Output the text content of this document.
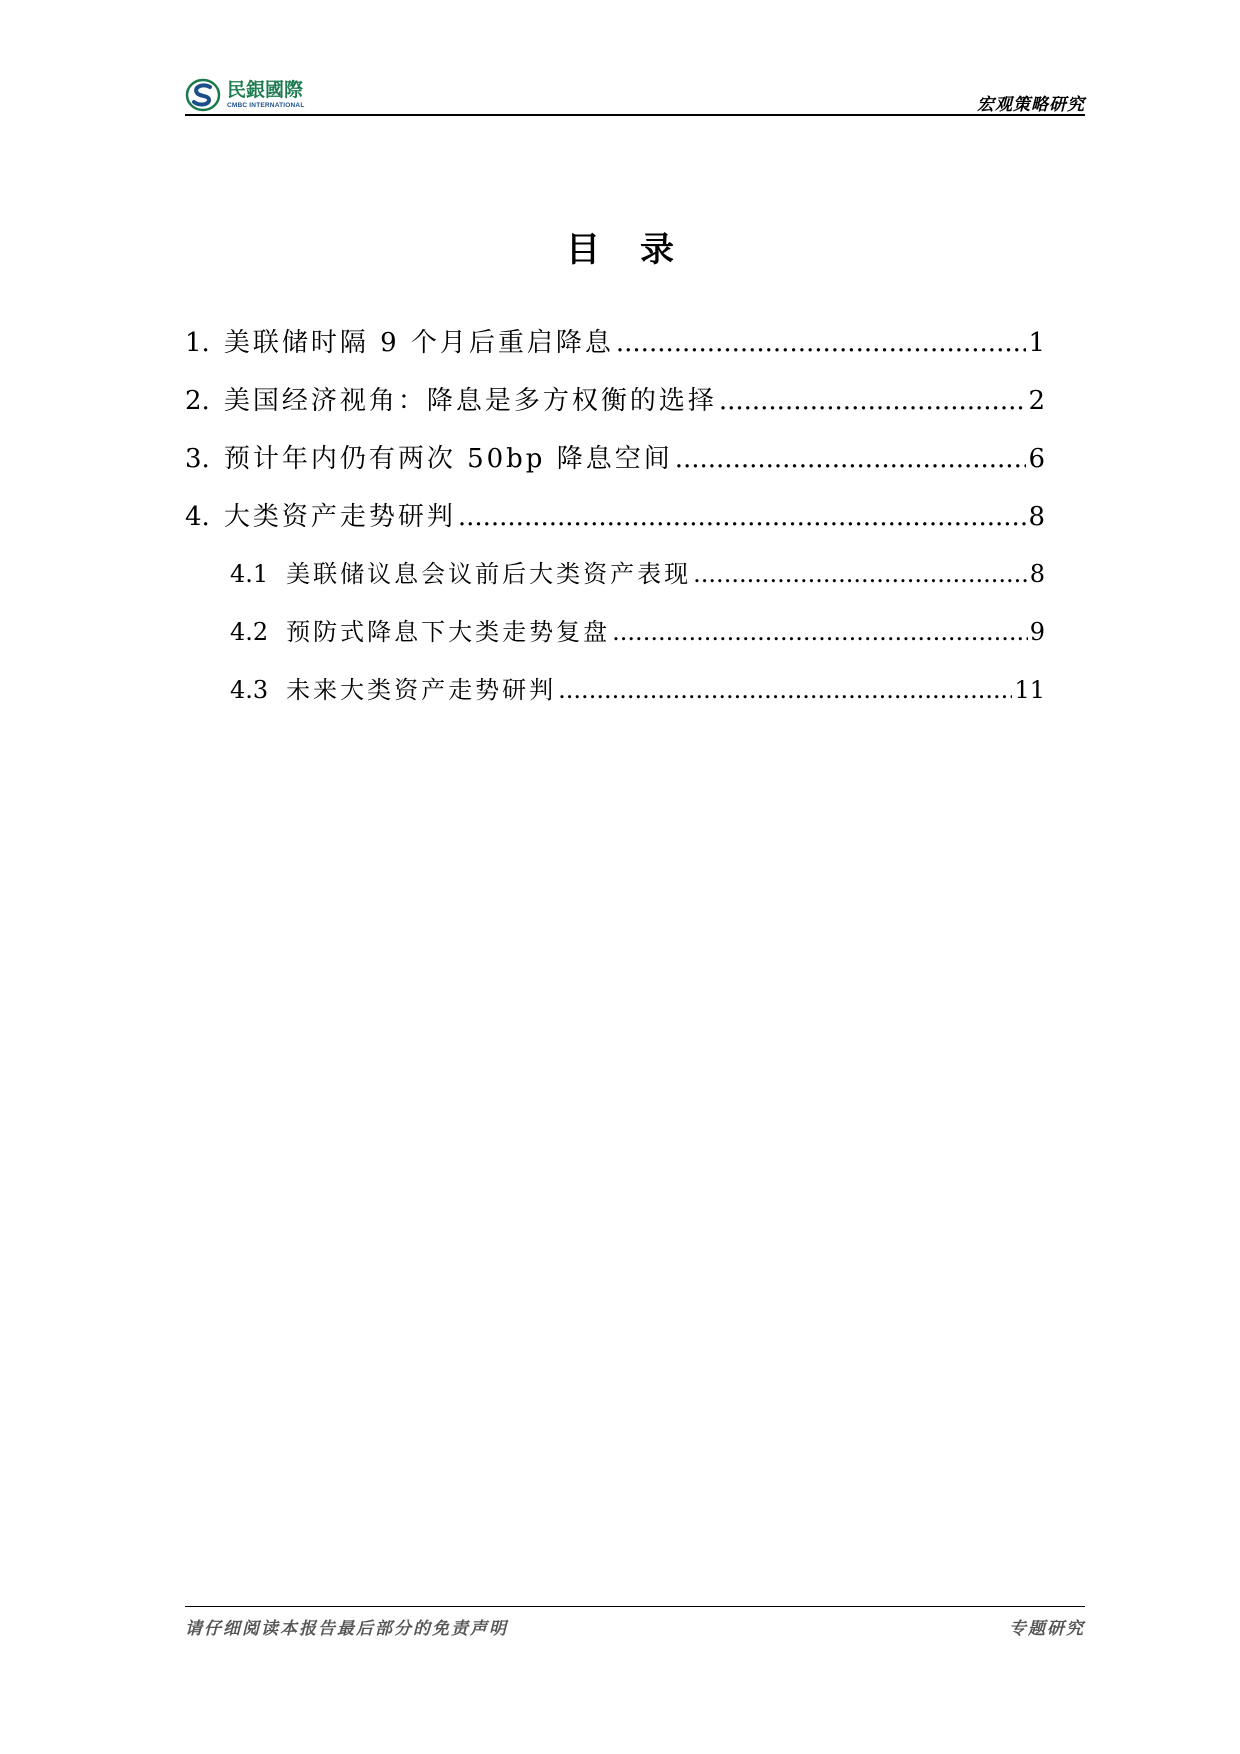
民銀國際
CMBC INTERNATIONAL	宏观策略研究
目录
1. 美联储时隔 9 个月后重启降息 .....	1
2. 美国经济视角：降息是多方权衡的选择 .....	2
3. 预计年内仍有两次 50bp 降息空间 .....	6
4. 大类资产走势研判 .....	8
4.1 美联储议息会议前后大类资产表现 .....	8
4.2 预防式降息下大类走势复盘 .....	9
4.3 未来大类资产走势研判 .....	11
请仔细阅读本报告最后部分的免责声明	专题研究
